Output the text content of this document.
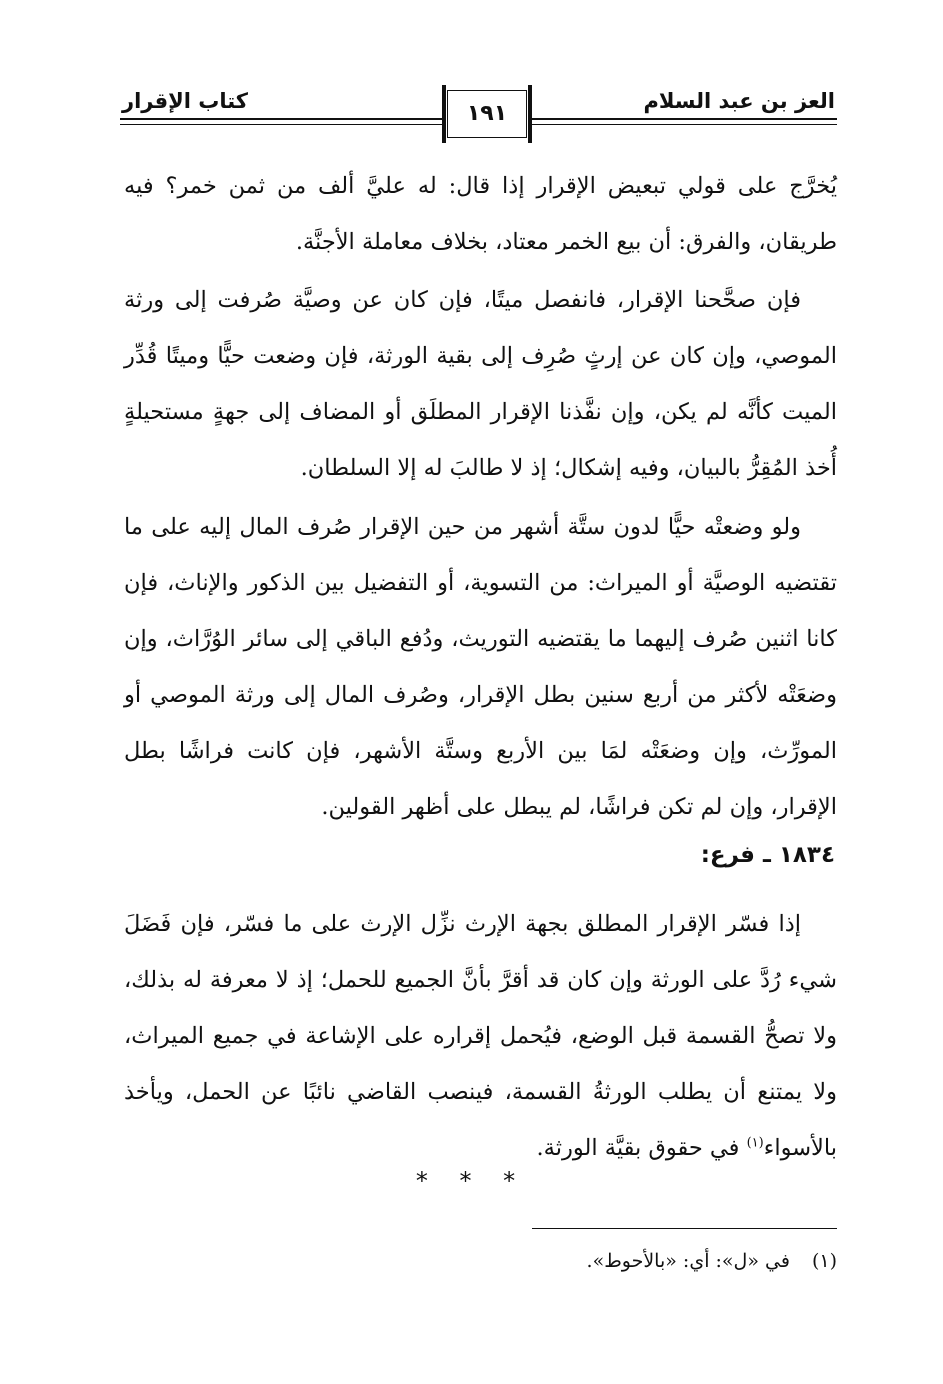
العز بن عبد السلام
كتاب الإقرار	١٩١

يُخرَّج على قولي تبعيض الإقرار إذا قال: له عليَّ ألف من ثمن خمر؟ فيه طريقان، والفرق: أن بيع الخمر معتاد، بخلاف معاملة الأجنَّة.

فإن صحَّحنا الإقرار، فانفصل ميتًا، فإن كان عن وصيَّة صُرفت إلى ورثة الموصي، وإن كان عن إرثٍ صُرِف إلى بقية الورثة، فإن وضعت حيًّا وميتًا قُدِّر الميت كأنَّه لم يكن، وإن نفَّذنا الإقرار المطلَق أو المضاف إلى جهةٍ مستحيلةٍ أُخذ المُقِرُّ بالبيان، وفيه إشكال؛ إذ لا طالبَ له إلا السلطان.

ولو وضعتْه حيًّا لدون ستَّة أشهر من حين الإقرار صُرف المال إليه على ما تقتضيه الوصيَّة أو الميراث: من التسوية، أو التفضيل بين الذكور والإناث، فإن كانا اثنين صُرف إليهما ما يقتضيه التوريث، ودُفع الباقي إلى سائر الوُرَّاث، وإن وضعَتْه لأكثر من أربع سنين بطل الإقرار، وصُرف المال إلى ورثة الموصي أو المورِّث، وإن وضعَتْه لمَا بين الأربع وستَّة الأشهر، فإن كانت فراشًا بطل الإقرار، وإن لم تكن فراشًا، لم يبطل على أظهر القولين.

١٨٣٤ ـ فرع:

إذا فسّر الإقرار المطلق بجهة الإرث نزِّل الإرث على ما فسّر، فإن فَضَلَ شيء رُدَّ على الورثة وإن كان قد أقرَّ بأنَّ الجميع للحمل؛ إذ لا معرفة له بذلك، ولا تصحُّ القسمة قبل الوضع، فيُحمل إقراره على الإشاعة في جميع الميراث، ولا يمتنع أن يطلب الورثةُ القسمة، فينصب القاضي نائبًا عن الحمل، ويأخذ بالأسواء$^{(١)}$ في حقوق بقيَّة الورثة.

* * *
(١)في «ل»: أي: «بالأحوط».
